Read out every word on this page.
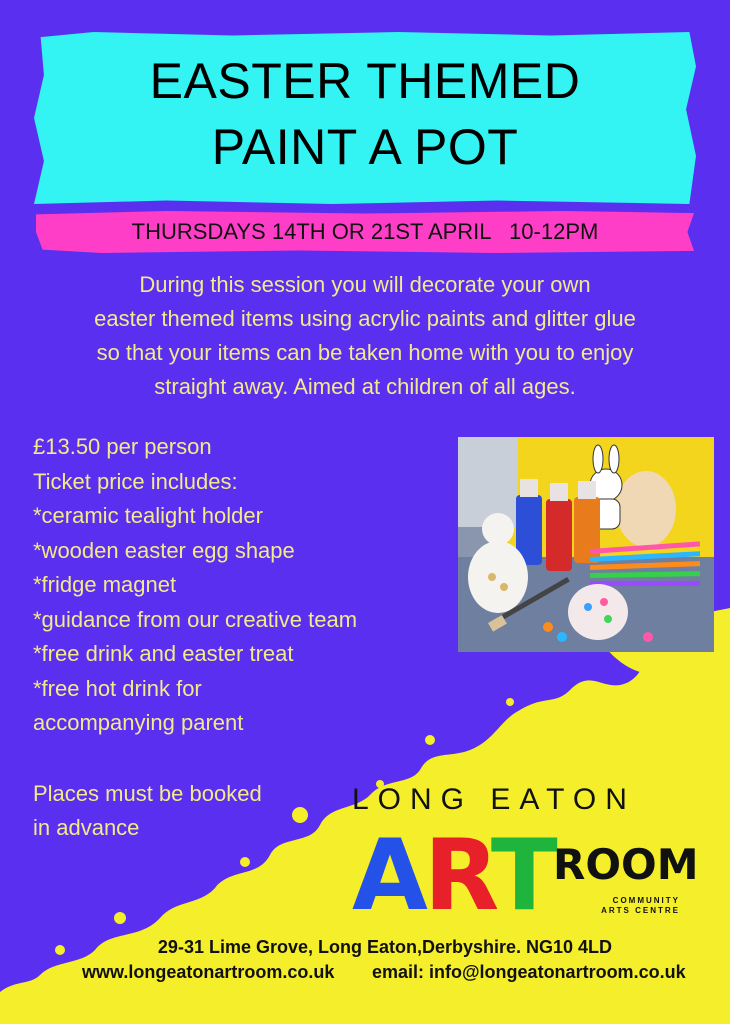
EASTER THEMED
PAINT A POT
THURSDAYS 14TH OR 21ST APRIL   10-12PM
During this session you will decorate your own
easter themed items using acrylic paints and glitter glue
so that your items can be taken home with you to enjoy
straight away. Aimed at children of all ages.
£13.50 per person
Ticket price includes:
*ceramic tealight holder
*wooden easter egg shape
*fridge magnet
*guidance from our creative team
*free drink and easter treat
*free hot drink for
accompanying parent
Places must be booked
in advance
LONG EATON
ART ROOM
COMMUNITY
ARTS CENTRE
29-31 Lime Grove, Long Eaton,Derbyshire. NG10 4LD
www.longeatonartroom.co.uk email: info@longeatonartroom.co.uk
